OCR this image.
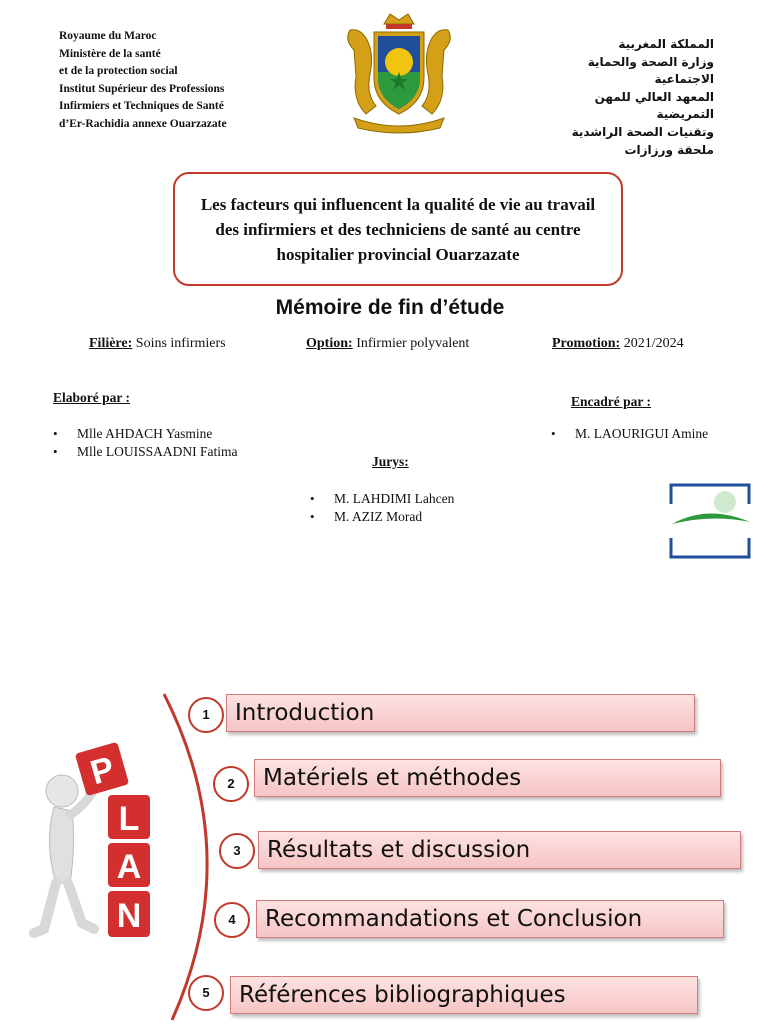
Royaume du Maroc
Ministère de la santé
et de la protection social
Institut Supérieur des Professions
Infirmiers et Techniques de Santé
d’Er-Rachidia annexe Ouarzazate
المملكة المغربية
وزارة الصحة والحماية
الاجتماعية
المعهد العالي للمهن
التمريضية
وتقنيات الصحة الراشدية
ملحقة ورزازات
Les facteurs qui influencent la qualité de vie au travail des infirmiers et des techniciens de santé au centre hospitalier provincial Ouarzazate
Mémoire de fin d’étude
Filière: Soins infirmiers	Option: Infirmier polyvalent	Promotion: 2021/2024
Elaboré par :
• Mlle AHDACH Yasmine
• Mlle LOUISSAADNI Fatima
Encadré par :
• M. LAOURIGUI Amine
Jurys:
• M. LAHDIMI Lahcen
• M. AZIZ Morad
P
L
A
N
Introduction
1
Matériels et méthodes
2
Résultats et discussion
3
Recommandations et Conclusion
4
Références bibliographiques
5
